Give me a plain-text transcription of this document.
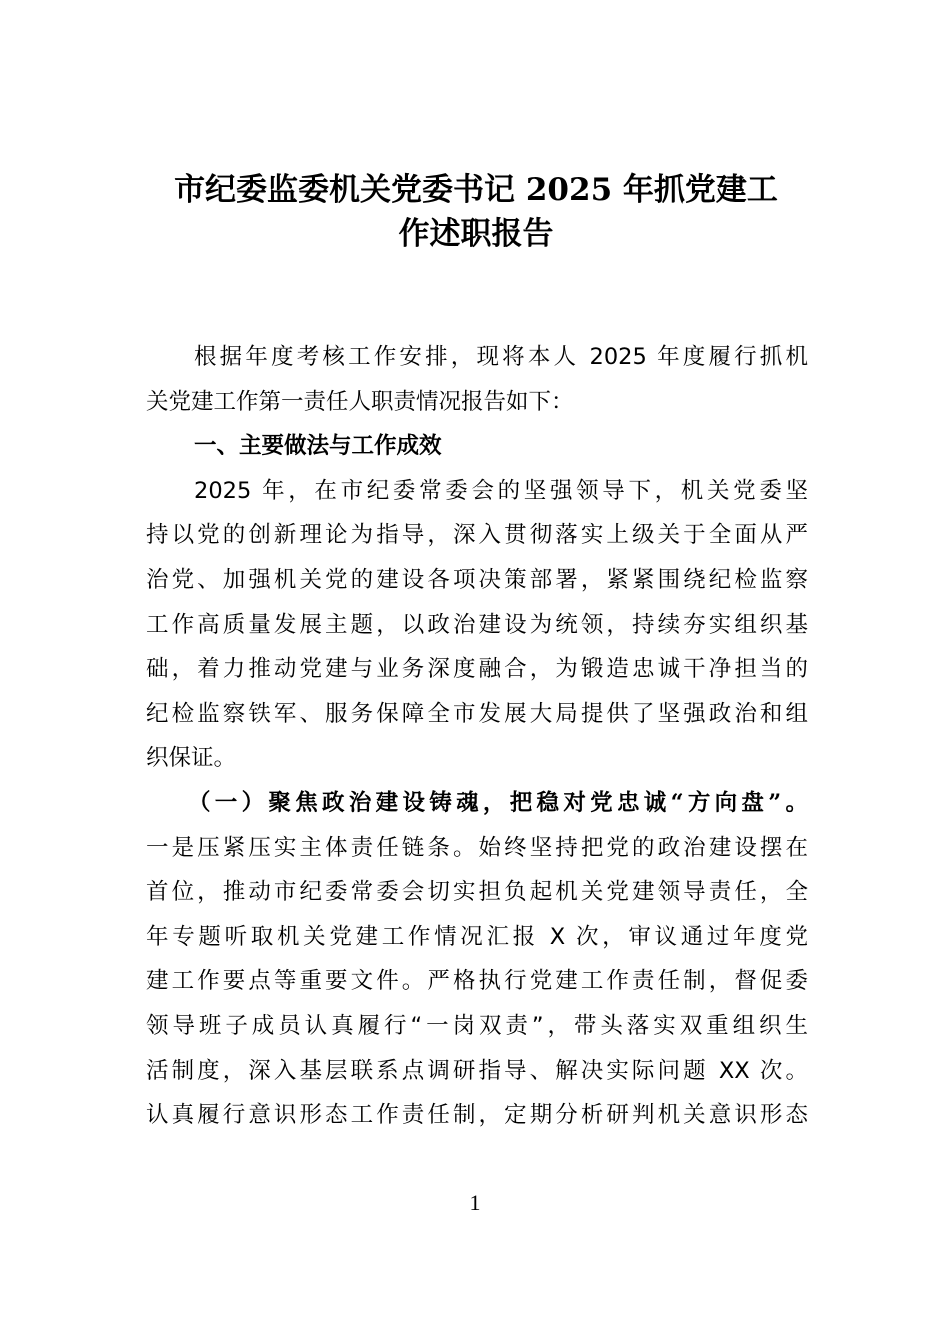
市纪委监委机关党委书记 2025 年抓党建工
作述职报告
根据年度考核工作安排，现将本人 2025 年度履行抓机
关党建工作第一责任人职责情况报告如下：
一、主要做法与工作成效
2025 年，在市纪委常委会的坚强领导下，机关党委坚
持以党的创新理论为指导，深入贯彻落实上级关于全面从严
治党、加强机关党的建设各项决策部署，紧紧围绕纪检监察
工作高质量发展主题，以政治建设为统领，持续夯实组织基
础，着力推动党建与业务深度融合，为锻造忠诚干净担当的
纪检监察铁军、服务保障全市发展大局提供了坚强政治和组
织保证。
（一）聚焦政治建设铸魂，把稳对党忠诚“方向盘”。
一是压紧压实主体责任链条。始终坚持把党的政治建设摆在
首位，推动市纪委常委会切实担负起机关党建领导责任，全
年专题听取机关党建工作情况汇报 X 次，审议通过年度党
建工作要点等重要文件。严格执行党建工作责任制，督促委
领导班子成员认真履行“一岗双责”，带头落实双重组织生
活制度，深入基层联系点调研指导、解决实际问题 XX 次。
认真履行意识形态工作责任制，定期分析研判机关意识形态
1
